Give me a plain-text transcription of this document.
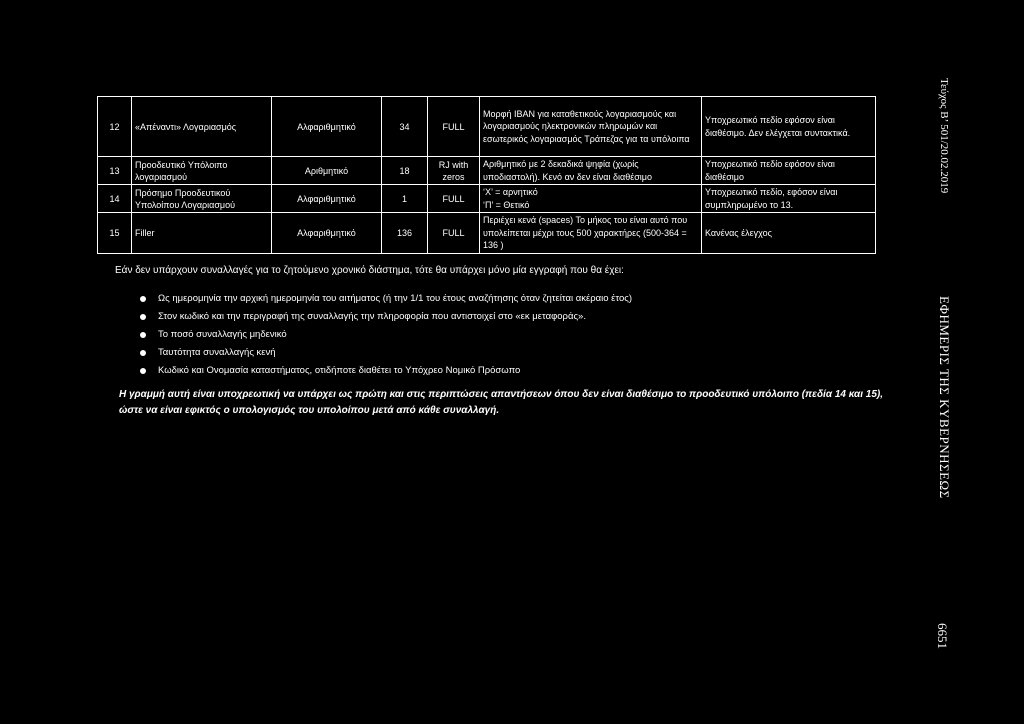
12	«Απέναντι» Λογαριασμός	Αλφαριθμητικό	34	FULL	Μορφή IBAN για καταθετικούς λογαριασμούς και λογαριασμούς ηλεκτρονικών πληρωμών και εσωτερικός λογαριασμός Τράπεζας για τα υπόλοιπα	Υποχρεωτικό πεδίο εφόσον είναι διαθέσιμο. Δεν ελέγχεται συντακτικά.
13	Προοδευτικό Υπόλοιπο λογαριασμού	Αριθμητικό	18	RJ with zeros	Αριθμητικό με 2 δεκαδικά ψηφία (χωρίς υποδιαστολή). Κενό αν δεν είναι διαθέσιμο	Υποχρεωτικό πεδίο εφόσον είναι διαθέσιμο
14	Πρόσημο Προοδευτικού Υπολοίπου Λογαριασμού	Αλφαριθμητικό	1	FULL	‘Χ’ = αρνητικό
‘Π’ = Θετικό	Υποχρεωτικό πεδίο, εφόσον είναι συμπληρωμένο το 13.
15	Filler	Αλφαριθμητικό	136	FULL	Περιέχει κενά (spaces) Το μήκος του είναι αυτό που υπολείπεται μέχρι τους 500 χαρακτήρες (500-364 = 136 )	Κανένας έλεγχος

Εάν δεν υπάρχουν συναλλαγές για το ζητούμενο χρονικό διάστημα, τότε θα υπάρχει μόνο μία εγγραφή που θα έχει:

Ως ημερομηνία την αρχική ημερομηνία του αιτήματος (ή την 1/1 του έτους αναζήτησης όταν ζητείται ακέραιο έτος)
Στον κωδικό και την περιγραφή της συναλλαγής την πληροφορία που αντιστοιχεί στο «εκ μεταφοράς».
Το ποσό συναλλαγής μηδενικό
Ταυτότητα συναλλαγής κενή
Κωδικό και Ονομασία καταστήματος, οτιδήποτε διαθέτει το Υπόχρεο Νομικό Πρόσωπο

Η γραμμή αυτή είναι υποχρεωτική να υπάρχει ως πρώτη και στις περιπτώσεις απαντήσεων όπου δεν είναι διαθέσιμο το προοδευτικό υπόλοιπο (πεδία 14 και 15), ώστε να είναι εφικτός ο υπολογισμός του υπολοίπου μετά από κάθε συναλλαγή.

Τεύχος Β’ 501/20.02.2019
ΕΦΗΜΕΡΙΣ ΤΗΣ ΚΥΒΕΡΝΗΣΕΩΣ
6651
